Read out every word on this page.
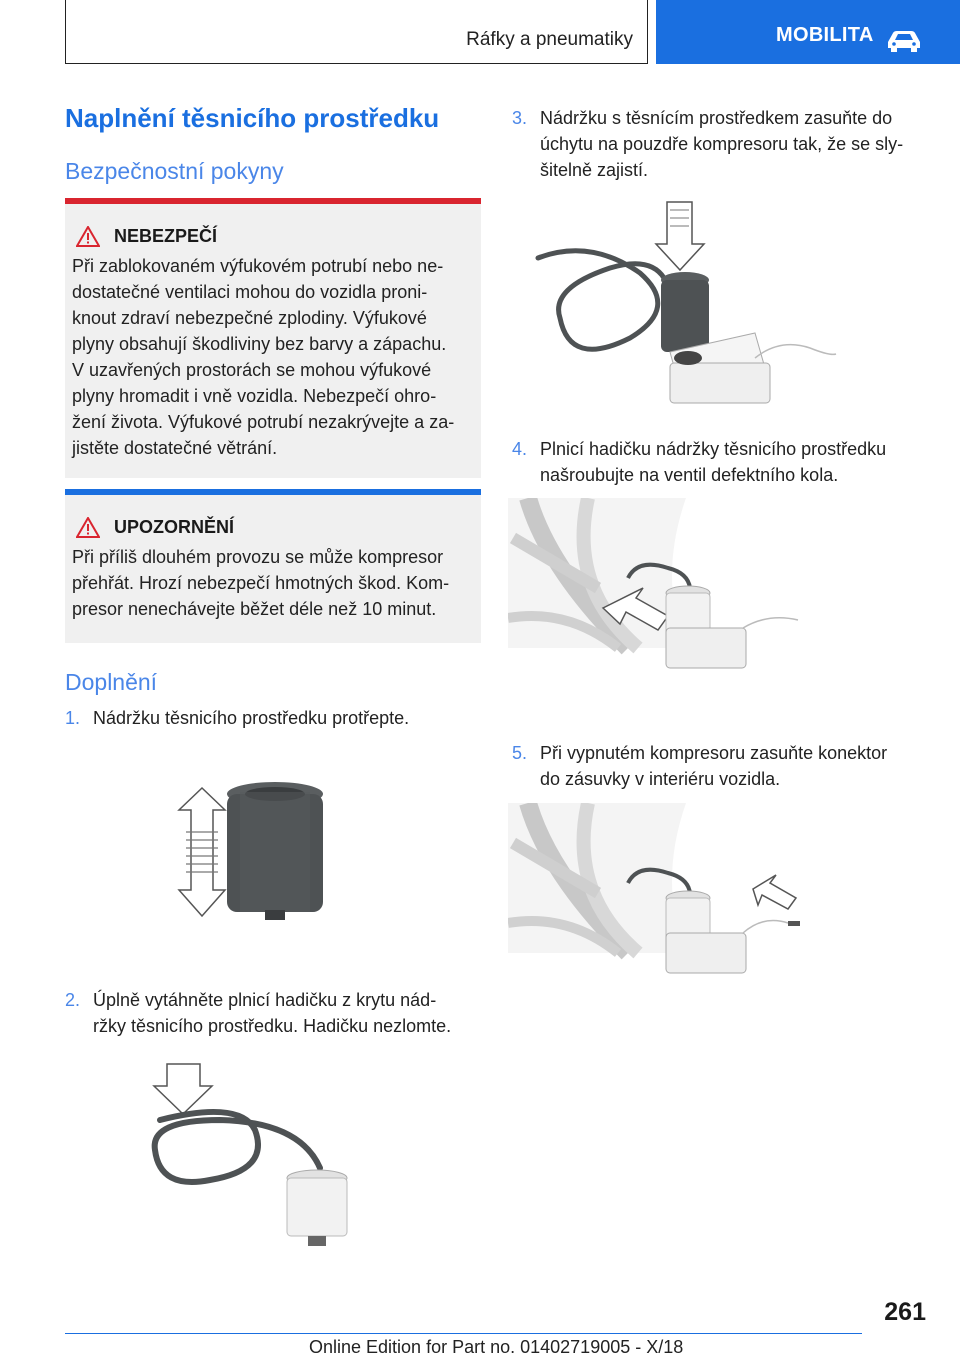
Ráfky a pneumatiky	MOBILITA
Naplnění těsnicího prostředku
Bezpečnostní pokyny
NEBEZPEČÍ
Při zablokovaném výfukovém potrubí nebo ne‐
dostatečné ventilaci mohou do vozidla proni‐
knout zdraví nebezpečné zplodiny. Výfukové
plyny obsahují škodliviny bez barvy a zápachu.
V uzavřených prostorách se mohou výfukové
plyny hromadit i vně vozidla. Nebezpečí ohro‐
žení života. Výfukové potrubí nezakrývejte a za‐
jistěte dostatečné větrání.
UPOZORNĚNÍ
Při příliš dlouhém provozu se může kompresor
přehřát. Hrozí nebezpečí hmotných škod. Kom‐
presor nenechávejte běžet déle než 10 minut.
Doplnění
1. Nádržku těsnicího prostředku protřepte.
2. Úplně vytáhněte plnicí hadičku z krytu nád‐
ržky těsnicího prostředku. Hadičku nezlomte.
3. Nádržku s těsnícím prostředkem zasuňte do
úchytu na pouzdře kompresoru tak, že se sly‐
šitelně zajistí.
4. Plnicí hadičku nádržky těsnicího prostředku
našroubujte na ventil defektního kola.
5. Při vypnutém kompresoru zasuňte konektor
do zásuvky v interiéru vozidla.
261
Online Edition for Part no. 01402719005 - X/18
